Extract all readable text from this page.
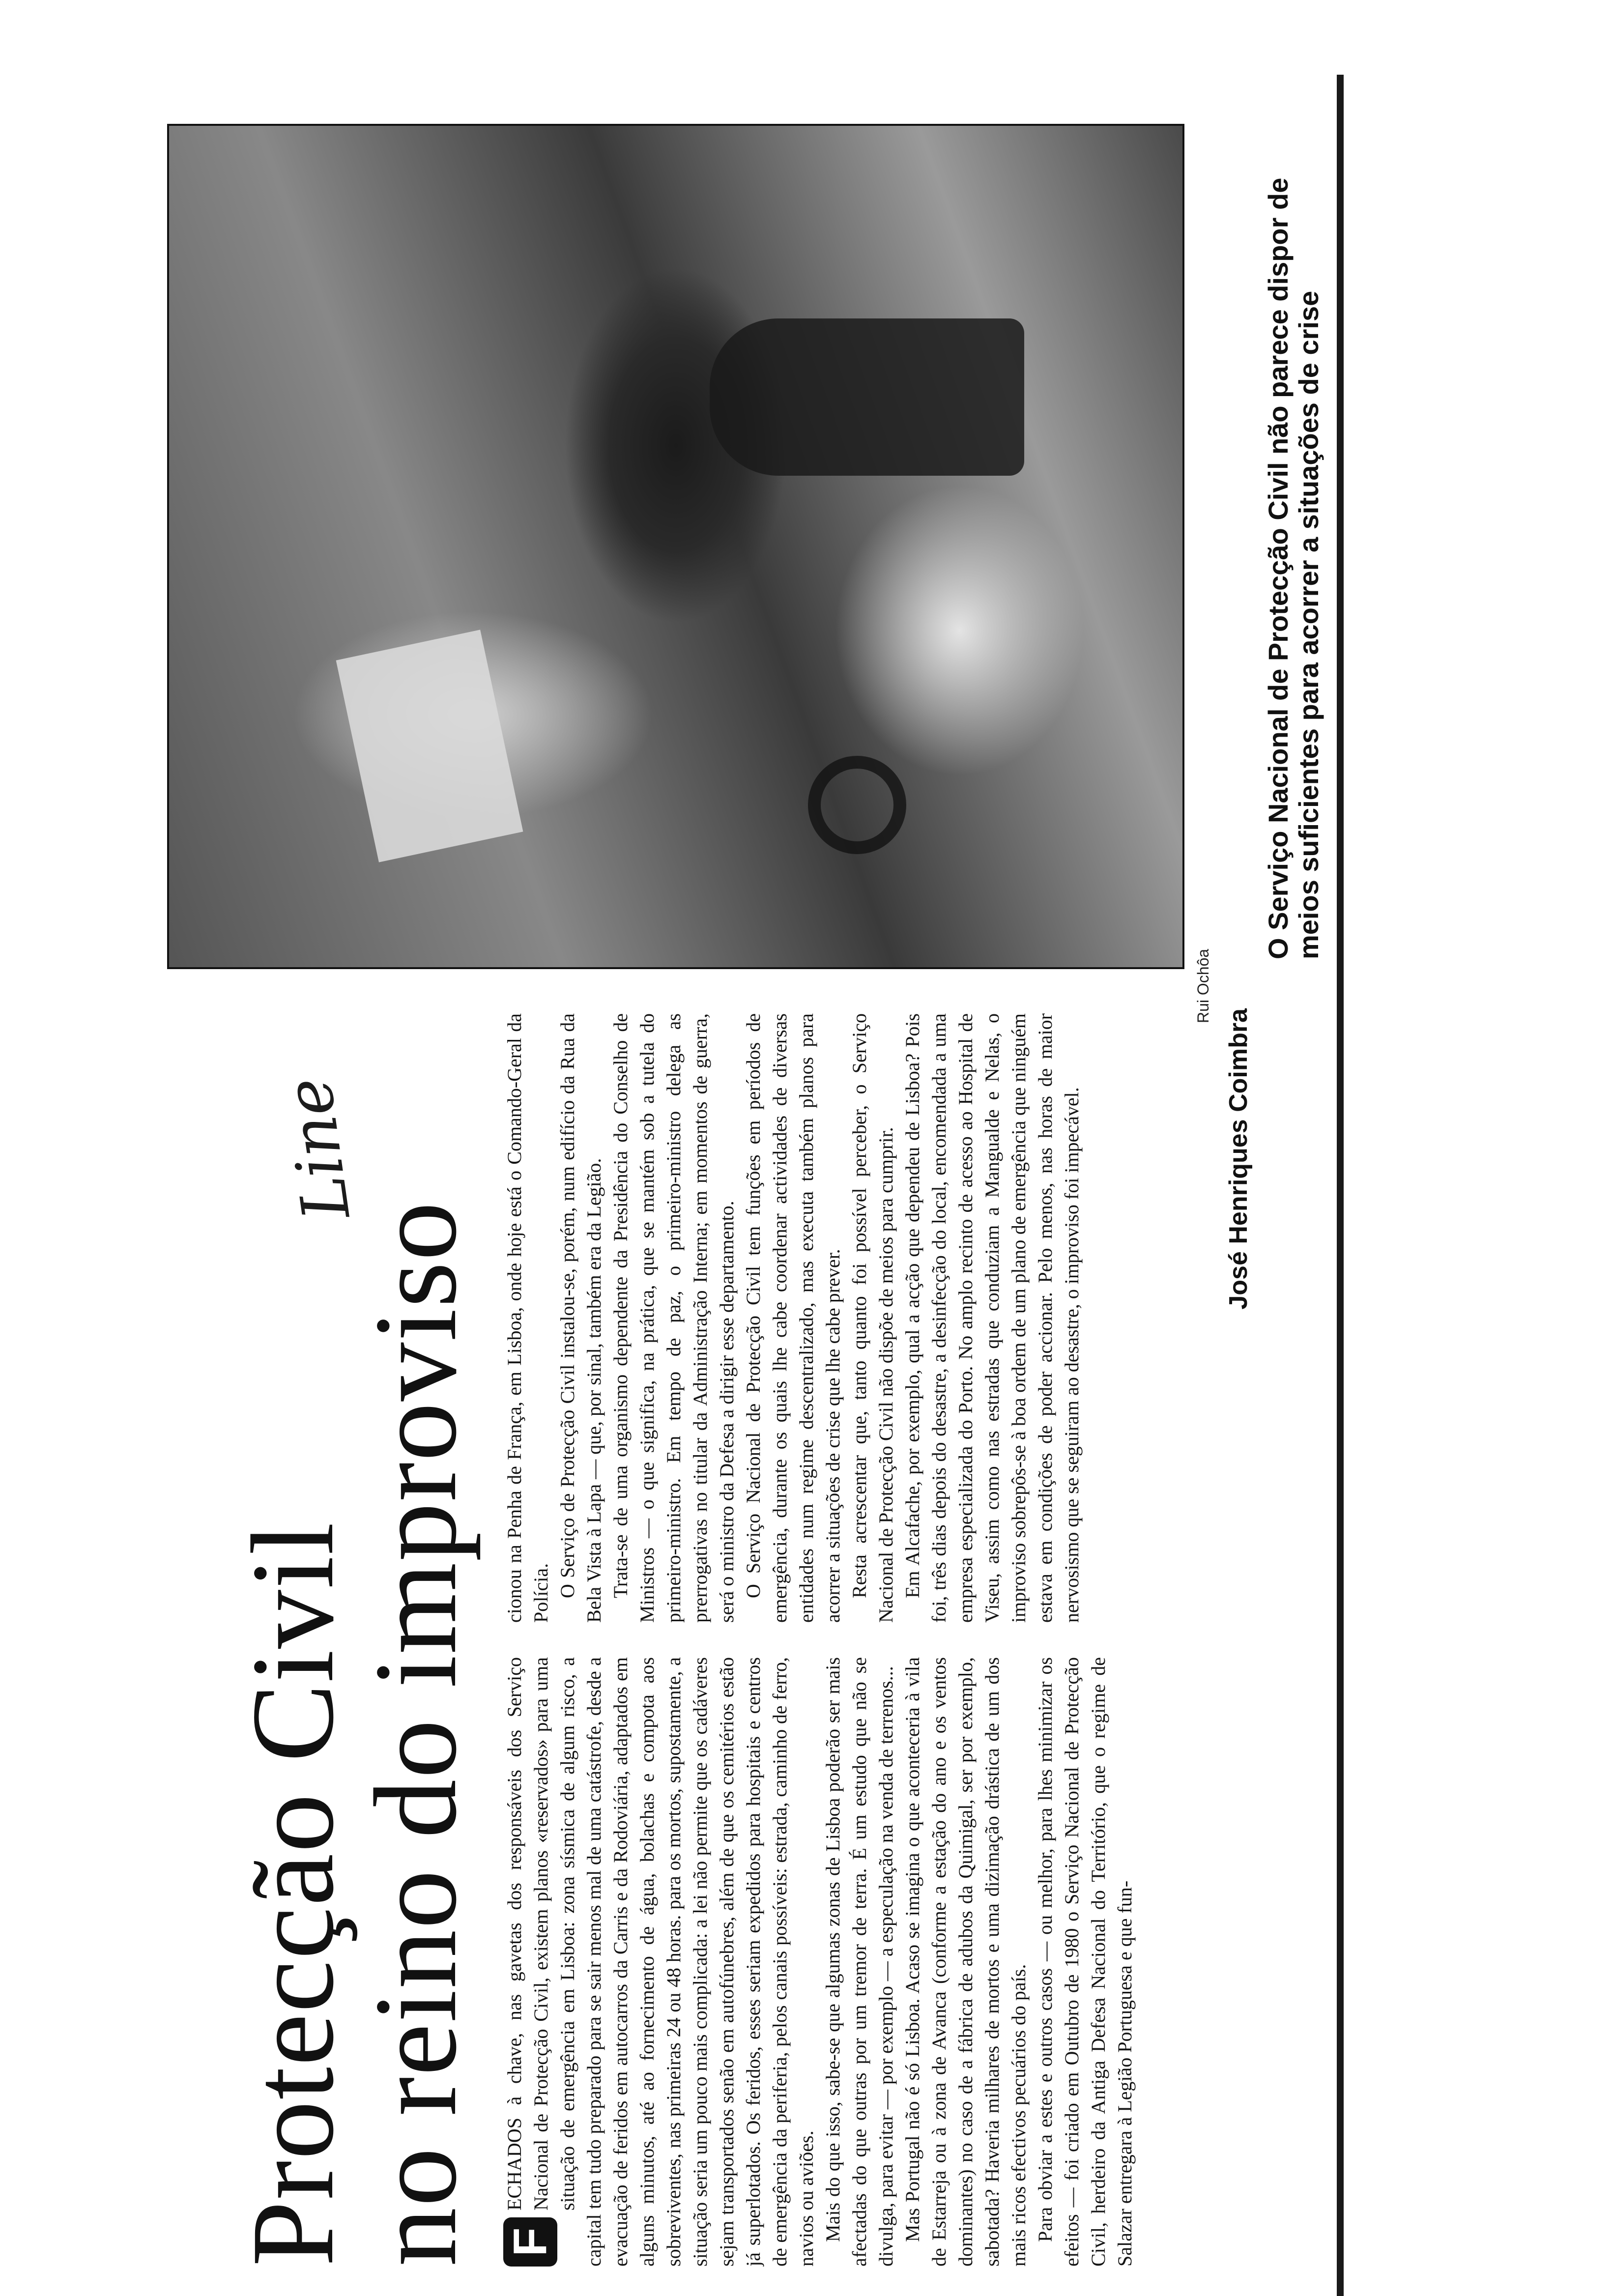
Protecção Civil
no reino do improviso
Line

F
ECHADOS à chave, nas gavetas dos responsáveis dos Serviço Nacional de Protecção Civil, existem planos «reservados» para uma situação de emergência em Lisboa: zona sísmica de algum risco, a capital tem tudo preparado para se sair menos mal de uma catástrofe, desde a evacuação de feridos em autocarros da Carris e da Rodoviária, adaptados em alguns minutos, até ao fornecimento de água, bolachas e compota aos sobreviventes, nas primeiras 24 ou 48 horas. para os mortos, supostamente, a situação seria um pouco mais complicada: a lei não permite que os cadáveres sejam transportados senão em autofúnebres, além de que os cemitérios estão já superlotados. Os feridos, esses seriam expedidos para hospitais e centros de emergência da periferia, pelos canais possíveis: estrada, caminho de ferro, navios ou aviões. Mais do que isso, sabe-se que algumas zonas de Lisboa poderão ser mais afectadas do que outras por um tremor de terra. É um estudo que não se divulga, para evitar — por exemplo — a especulação na venda de terrenos... Mas Portugal não é só Lisboa. Acaso se imagina o que aconteceria à vila de Estarreja ou à zona de Avanca (conforme a estação do ano e os ventos dominantes) no caso de a fábrica de adubos da Quimigal, ser por exemplo, sabotada? Haveria milhares de mortos e uma dizimação drástica de um dos mais ricos efectivos pecuários do país. Para obviar a estes e outros casos — ou melhor, para lhes minimizar os efeitos — foi criado em Outubro de 1980 o Serviço Nacional de Protecção Civil, herdeiro da Antiga Defesa Nacional do Território, que o regime de Salazar entregara à Legião Portuguesa e que fun-

cionou na Penha de França, em Lisboa, onde hoje está o Comando-Geral da Polícia. O Serviço de Protecção Civil instalou-se, porém, num edifício da Rua da Bela Vista à Lapa — que, por sinal, também era da Legião. Trata-se de uma organismo dependente da Presidência do Conselho de Ministros — o que significa, na prática, que se mantém sob a tutela do primeiro-ministro. Em tempo de paz, o primeiro-ministro delega as prerrogativas no titular da Administração Interna; em momentos de guerra, será o ministro da Defesa a dirigir esse departamento. O Serviço Nacional de Protecção Civil tem funções em períodos de emergência, durante os quais lhe cabe coordenar actividades de diversas entidades num regime descentralizado, mas executa também planos para acorrer a situações de crise que lhe cabe prever. Resta acrescentar que, tanto quanto foi possível perceber, o Serviço Nacional de Protecção Civil não dispõe de meios para cumprir. Em Alcafache, por exemplo, qual a acção que dependeu de Lisboa? Pois foi, três dias depois do desastre, a desinfecção do local, encomendada a uma empresa especializada do Porto. No amplo recinto de acesso ao Hospital de Viseu, assim como nas estradas que conduziam a Mangualde e Nelas, o improviso sobrepôs-se à boa ordem de um plano de emergência que ninguém estava em condições de poder accionar. Pelo menos, nas horas de maior nervosismo que se seguiram ao desastre, o improviso foi impecável.	José Henriques Coimbra
Rui Ochôa
O Serviço Nacional de Protecção Civil não parece dispor de meios suficientes para acorrer a situações de crise
